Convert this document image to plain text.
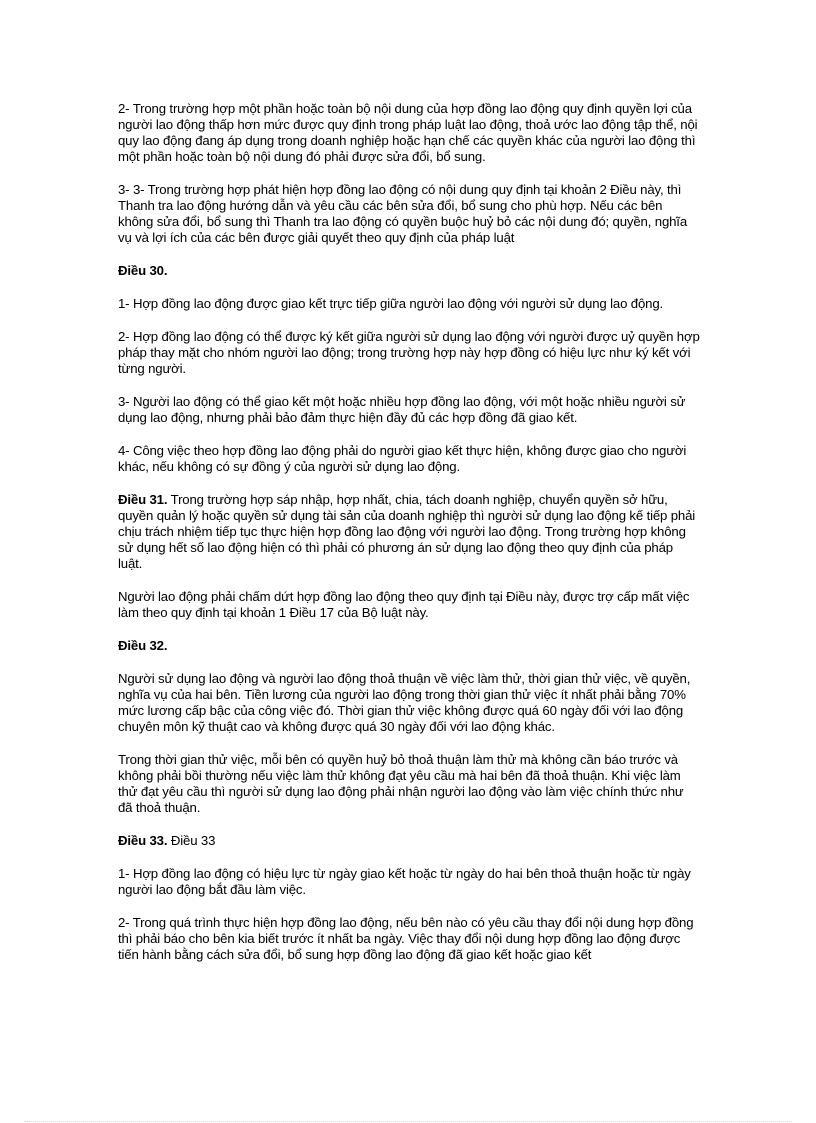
2- Trong trường hợp một phần hoặc toàn bộ nội dung của hợp đồng lao động quy định quyền lợi của người lao động thấp hơn mức được quy định trong pháp luật lao động, thoả ước lao động tập thể, nội quy lao động đang áp dụng trong doanh nghiệp hoặc hạn chế các quyền khác của người lao động thì một phần hoặc toàn bộ nội dung đó phải được sửa đổi, bổ sung.

3- 3- Trong trường hợp phát hiện hợp đồng lao động có nội dung quy định tại khoản 2 Điều này, thì Thanh tra lao động hướng dẫn và yêu cầu các bên sửa đổi, bổ sung cho phù hợp. Nếu các bên không sửa đổi, bổ sung thì Thanh tra lao động có quyền buộc huỷ bỏ các nội dung đó; quyền, nghĩa vụ và lợi ích của các bên được giải quyết theo quy định của pháp luật

Điều 30.

1- Hợp đồng lao động được giao kết trực tiếp giữa người lao động với người sử dụng lao động.

2- Hợp đồng lao động có thể được ký kết giữa người sử dụng lao động với người được uỷ quyền hợp pháp thay mặt cho nhóm người lao động; trong trường hợp này hợp đồng có hiệu lực như ký kết với từng người.

3- Người lao động có thể giao kết một hoặc nhiều hợp đồng lao động, với một hoặc nhiều người sử dụng lao động, nhưng phải bảo đảm thực hiện đầy đủ các hợp đồng đã giao kết.

4- Công việc theo hợp đồng lao động phải do người giao kết thực hiện, không được giao cho người khác, nếu không có sự đồng ý của người sử dụng lao động.

Điều 31. Trong trường hợp sáp nhập, hợp nhất, chia, tách doanh nghiệp, chuyển quyền sở hữu, quyền quản lý hoặc quyền sử dụng tài sản của doanh nghiệp thì người sử dụng lao động kế tiếp phải chịu trách nhiệm tiếp tục thực hiện hợp đồng lao động với người lao động. Trong trường hợp không sử dụng hết số lao động hiện có thì phải có phương án sử dụng lao động theo quy định của pháp luật.

Người lao động phải chấm dứt hợp đồng lao động theo quy định tại Điều này, được trợ cấp mất việc làm theo quy định tại khoản 1 Điều 17 của Bộ luật này.

Điều 32.

Người sử dụng lao động và người lao động thoả thuận về việc làm thử, thời gian thử việc, về quyền, nghĩa vụ của hai bên. Tiền lương của người lao động trong thời gian thử việc ít nhất phải bằng 70% mức lương cấp bậc của công việc đó. Thời gian thử việc không được quá 60 ngày đối với lao động chuyên môn kỹ thuật cao và không được quá 30 ngày đối với lao động khác.

Trong thời gian thử việc, mỗi bên có quyền huỷ bỏ thoả thuận làm thử mà không cần báo trước và không phải bồi thường nếu việc làm thử không đạt yêu cầu mà hai bên đã thoả thuận. Khi việc làm thử đạt yêu cầu thì người sử dụng lao động phải nhận người lao động vào làm việc chính thức như đã thoả thuận.

Điều 33. Điều 33

1- Hợp đồng lao động có hiệu lực từ ngày giao kết hoặc từ ngày do hai bên thoả thuận hoặc từ ngày người lao động bắt đầu làm việc.

2- Trong quá trình thực hiện hợp đồng lao động, nếu bên nào có yêu cầu thay đổi nội dung hợp đồng thì phải báo cho bên kia biết trước ít nhất ba ngày. Việc thay đổi nội dung hợp đồng lao động được tiến hành bằng cách sửa đổi, bổ sung hợp đồng lao động đã giao kết hoặc giao kết
